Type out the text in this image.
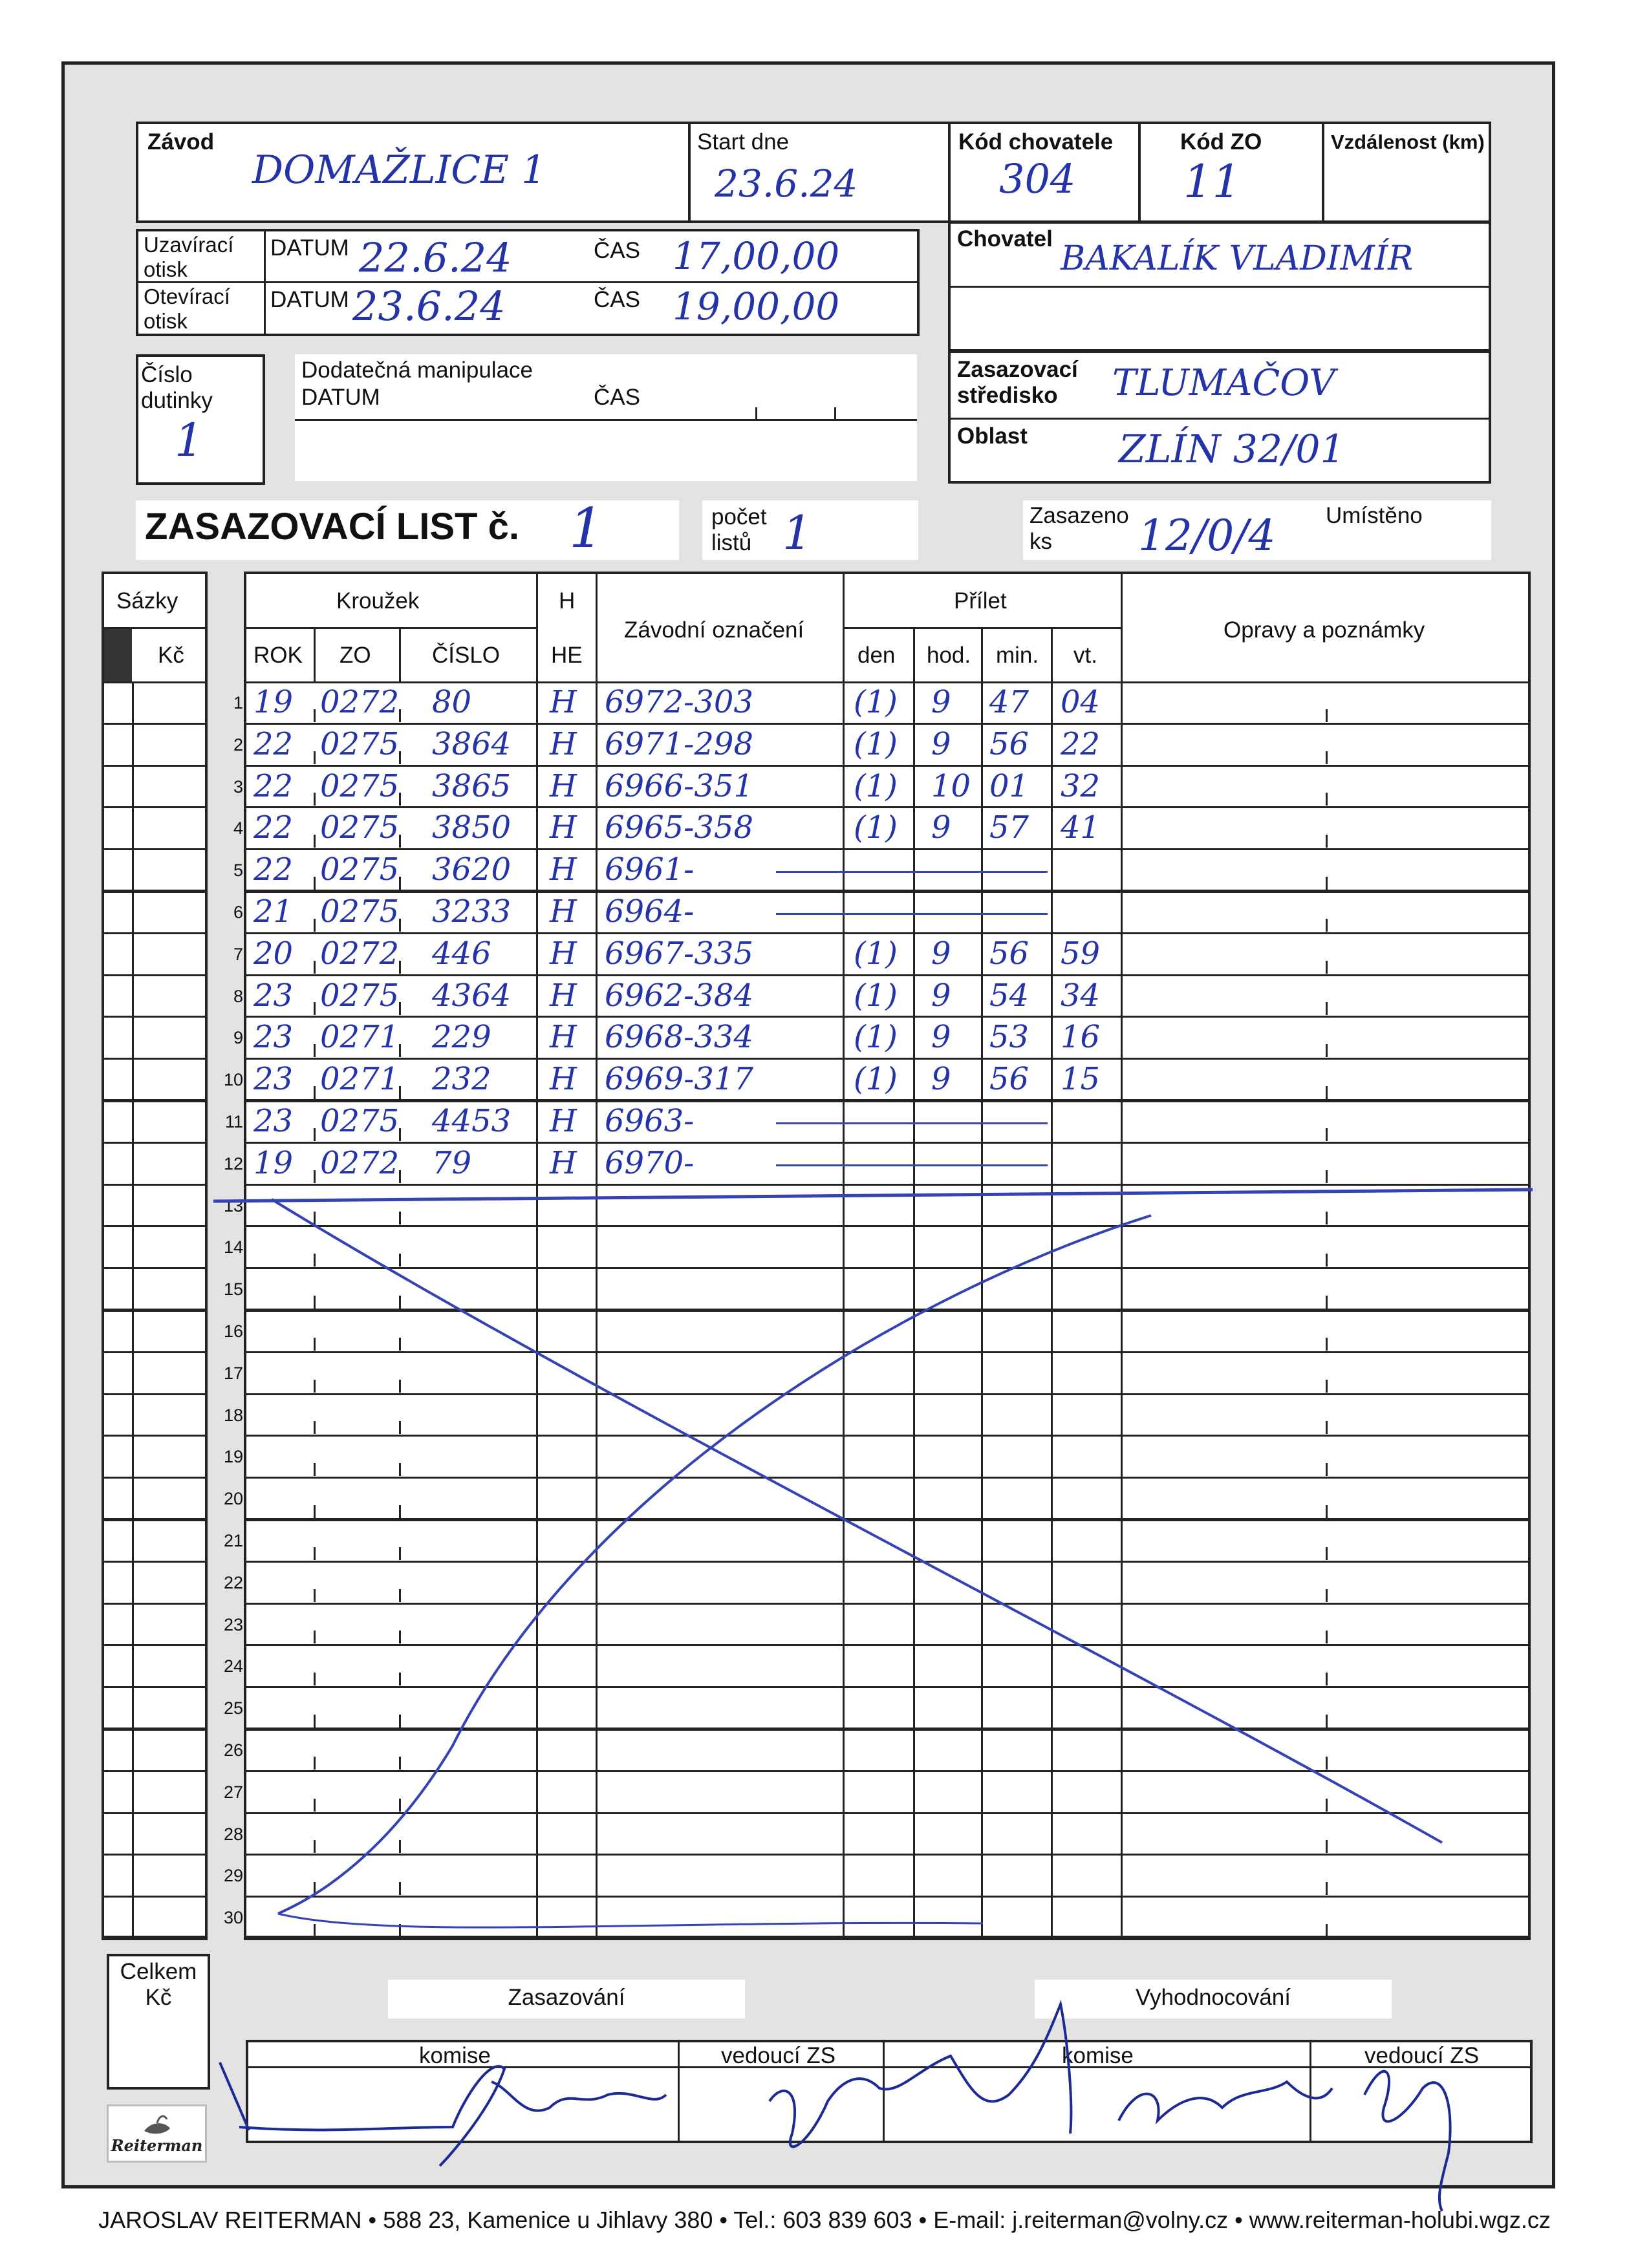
Závod
DOMAŽLICE 1
Start dne
23.6.24
Kód chovatele
304
Kód ZO
11
Vzdálenost (km)
Uzavírací otisk
Otevírací otisk
DATUM
DATUM
ČAS
ČAS
22.6.24	17,00,00
23.6.24	19,00,00
Chovatel
BAKALÍK VLADIMÍR
Číslo dutinky
1
Dodatečná manipulace
DATUM	ČAS
Zasazovací středisko	TLUMAČOV
Oblast ZLÍN 32/01
ZASAZOVACÍ LIST č. 1	počet listů 1	Zasazeno ks	12/0/4 Umístěno
Sázky
Kč
Kroužek
ROK ZO	ČÍSLO
H
HE
Závodní označení
Přílet
den hod. min. vt.
Opravy a poznámky
1
2
3
4
5
6
7
8
9
10
11
12
13
14
15
16
17
18
19
20
21
22
23
24
25
26
27
28
29
30
19 0272 80	H 6972-303	(1) 9 47 04
22 0275 3864 H 6971-298	(1) 9 56 22
22 0275 3865 H 6966-351	(1) 10 01 32
22 0275 3850 H 6965-358	(1) 9 57 41
22 0275 3620 H 6961-
21 0275 3233 H 6964-
20 0272 446 H 6967-335	(1) 9 56 59
23 0275 4364 H 6962-384	(1) 9 54 34
23 0271 229 H 6968-334	(1) 9 53 16
23 0271 232 H 6969-317	(1) 9 56 15
23 0275 4453 H 6963-
19 0272 79	H 6970-
Celkem Kč	Zasazování	Vyhodnocování
komise	vedoucí ZS	komise	vedoucí ZS
Reiterman
JAROSLAV REITERMAN • 588 23, Kamenice u Jihlavy 380 • Tel.: 603 839 603 • E-mail: j.reiterman@volny.cz • www.reiterman-holubi.wgz.cz
